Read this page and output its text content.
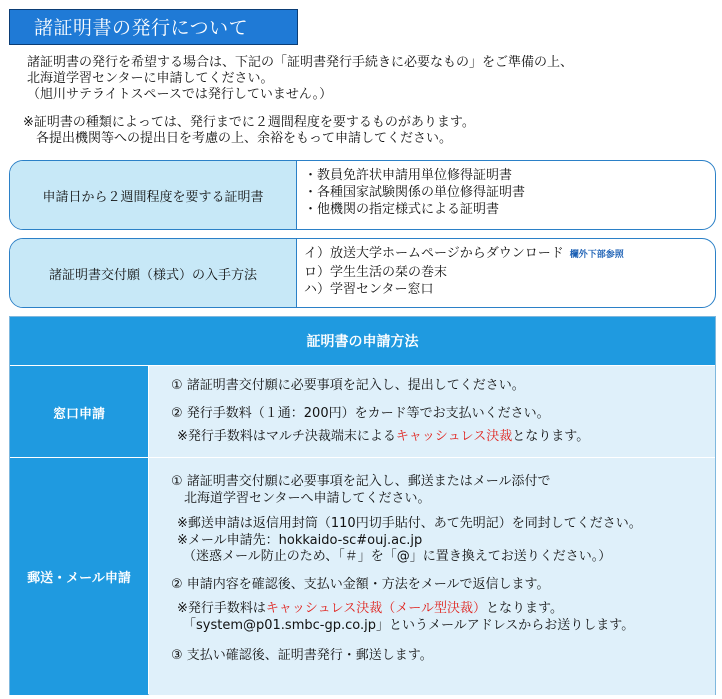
諸証明書の発行について
諸証明書の発行を希望する場合は、下記の「証明書発行手続きに必要なもの」をご準備の上、
北海道学習センターに申請してください。
（旭川サテライトスペースでは発行していません。）
※証明書の種類によっては、発行までに２週間程度を要するものがあります。
　各提出機関等への提出日を考慮の上、余裕をもって申請してください。
申請日から２週間程度を要する証明書
・教員免許状申請用単位修得証明書
・各種国家試験関係の単位修得証明書
・他機関の指定様式による証明書
諸証明書交付願（様式）の入手方法
イ）放送大学ホームページからダウンロード 欄外下部参照
ロ）学生生活の栞の巻末
ハ）学習センター窓口
証明書の申請方法
窓口申請
① 諸証明書交付願に必要事項を記入し、提出してください。
② 発行手数料（１通：200円）をカード等でお支払いください。
※発行手数料はマルチ決裁端末によるキャッシュレス決裁となります。
郵送・メール申請
① 諸証明書交付願に必要事項を記入し、郵送またはメール添付で
　北海道学習センターへ申請してください。
※郵送申請は返信用封筒（110円切手貼付、あて先明記）を同封してください。
※メール申請先：hokkaido-sc#ouj.ac.jp
（迷惑メール防止のため、「＃」を「@」に置き換えてお送りください。）
② 申請内容を確認後、支払い金額・方法をメールで返信します。
※発行手数料はキャッシュレス決裁（メール型決裁）となります。
「system@p01.smbc-gp.co.jp」というメールアドレスからお送りします。
③ 支払い確認後、証明書発行・郵送します。
